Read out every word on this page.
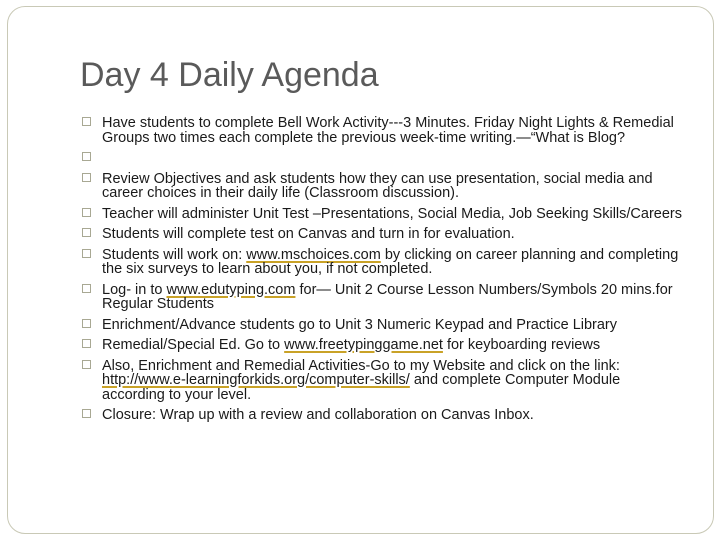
Day 4 Daily Agenda
Have students to complete Bell Work Activity---3 Minutes. Friday Night Lights & Remedial Groups two times each complete the previous week-time writing.—“What is Blog?
Review Objectives and ask students how they can use presentation, social media and career choices in their daily life (Classroom discussion).
Teacher will administer Unit Test –Presentations, Social Media, Job Seeking Skills/Careers
Students will complete test on Canvas and turn in for evaluation.
Students will work on: www.mschoices.com by clicking on career planning and completing the six surveys to learn about you, if not completed.
Log- in to www.edutyping.com for— Unit 2 Course Lesson Numbers/Symbols 20 mins.for Regular Students
Enrichment/Advance students go to Unit 3 Numeric Keypad and Practice Library
Remedial/Special Ed. Go to www.freetypinggame.net for keyboarding reviews
Also, Enrichment and Remedial Activities-Go to my Website and click on the link: http://www.e-learningforkids.org/computer-skills/ and complete Computer Module according to your level.
Closure: Wrap up with a review and collaboration on Canvas Inbox.
